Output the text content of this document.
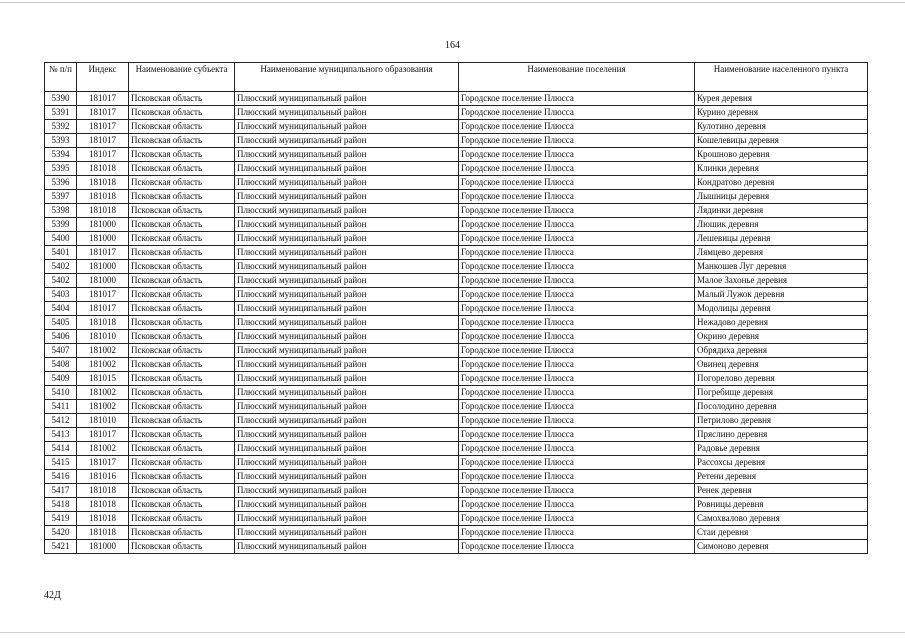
164
№ п/п	Индекс	Наименование субъекта	Наименование муниципального образования	Наименование поселения	Наименование населенного пункта
5390	181017	Псковская область	Плюсский муниципальный район	Городское поселение Плюсса	Курея деревня
5391	181017	Псковская область	Плюсский муниципальный район	Городское поселение Плюсса	Курино деревня
5392	181017	Псковская область	Плюсский муниципальный район	Городское поселение Плюсса	Кулотино деревня
5393	181017	Псковская область	Плюсский муниципальный район	Городское поселение Плюсса	Кошелевицы деревня
5394	181017	Псковская область	Плюсский муниципальный район	Городское поселение Плюсса	Крошново деревня
5395	181018	Псковская область	Плюсский муниципальный район	Городское поселение Плюсса	Клинки деревня
5396	181018	Псковская область	Плюсский муниципальный район	Городское поселение Плюсса	Кондратово деревня
5397	181018	Псковская область	Плюсский муниципальный район	Городское поселение Плюсса	Лышницы деревня
5398	181018	Псковская область	Плюсский муниципальный район	Городское поселение Плюсса	Лядинки деревня
5399	181000	Псковская область	Плюсский муниципальный район	Городское поселение Плюсса	Люшик деревня
5400	181000	Псковская область	Плюсский муниципальный район	Городское поселение Плюсса	Лешевицы деревня
5401	181017	Псковская область	Плюсский муниципальный район	Городское поселение Плюсса	Лямцево деревня
5402	181000	Псковская область	Плюсский муниципальный район	Городское поселение Плюсса	Манкошев Луг деревня
5402	181000	Псковская область	Плюсский муниципальный район	Городское поселение Плюсса	Малое Захонье деревня
5403	181017	Псковская область	Плюсский муниципальный район	Городское поселение Плюсса	Малый Лужок деревня
5404	181017	Псковская область	Плюсский муниципальный район	Городское поселение Плюсса	Модолицы деревня
5405	181018	Псковская область	Плюсский муниципальный район	Городское поселение Плюсса	Нежадово деревня
5406	181010	Псковская область	Плюсский муниципальный район	Городское поселение Плюсса	Окрино деревня
5407	181002	Псковская область	Плюсский муниципальный район	Городское поселение Плюсса	Обрядиха деревня
5408	181002	Псковская область	Плюсский муниципальный район	Городское поселение Плюсса	Овинец деревня
5409	181015	Псковская область	Плюсский муниципальный район	Городское поселение Плюсса	Погорелово деревня
5410	181002	Псковская область	Плюсский муниципальный район	Городское поселение Плюсса	Погребище деревня
5411	181002	Псковская область	Плюсский муниципальный район	Городское поселение Плюсса	Посолодино деревня
5412	181010	Псковская область	Плюсский муниципальный район	Городское поселение Плюсса	Петрилово деревня
5413	181017	Псковская область	Плюсский муниципальный район	Городское поселение Плюсса	Пряслино деревня
5414	181002	Псковская область	Плюсский муниципальный район	Городское поселение Плюсса	Радовье деревня
5415	181017	Псковская область	Плюсский муниципальный район	Городское поселение Плюсса	Рассохсы деревня
5416	181016	Псковская область	Плюсский муниципальный район	Городское поселение Плюсса	Ретени деревня
5417	181018	Псковская область	Плюсский муниципальный район	Городское поселение Плюсса	Ренек деревня
5418	181018	Псковская область	Плюсский муниципальный район	Городское поселение Плюсса	Ровницы деревня
5419	181018	Псковская область	Плюсский муниципальный район	Городское поселение Плюсса	Самохвалово деревня
5420	181018	Псковская область	Плюсский муниципальный район	Городское поселение Плюсса	Стаи деревня
5421	181000	Псковская область	Плюсский муниципальный район	Городское поселение Плюсса	Симоново деревня
42Д
